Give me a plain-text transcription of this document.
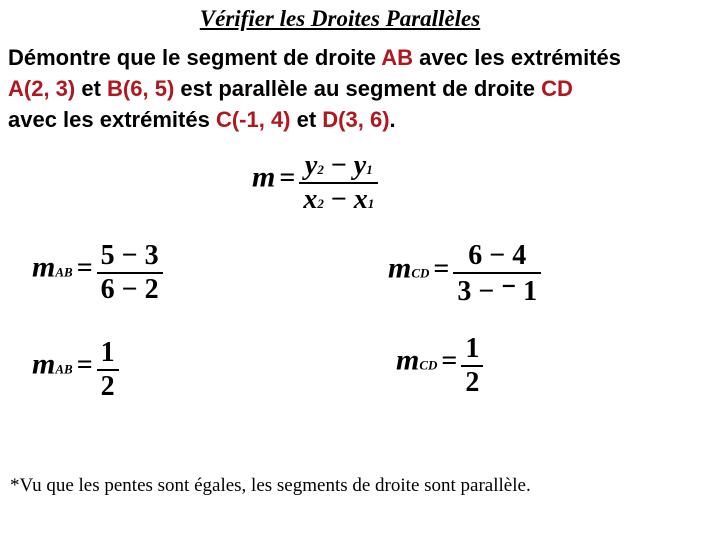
Vérifier les Droites Parallèles
Démontre que le segment de droite AB avec les extrémités
A(2, 3) et B(6, 5) est parallèle au segment de droite CD
avec les extrémités C(-1, 4) et D(3, 6).
$m = \frac{y2 - y1}{x2 - x1}$
mAB = $\frac{5 - 3}{6 - 2}$
mAB = $\frac{1}{2}$
mCD = $\frac{6 - 4}{3 - ^- 1}$
mCD = $\frac{1}{2}$
*Vu que les pentes sont égales, les segments de droite sont parallèle.
